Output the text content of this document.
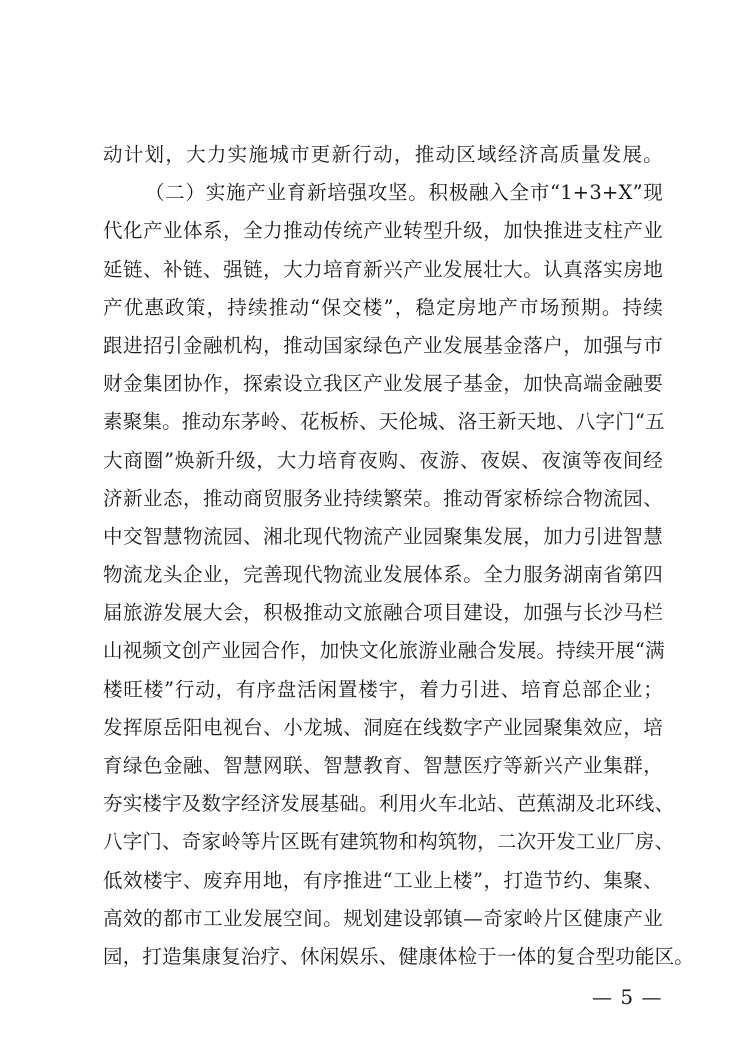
动计划，大力实施城市更新行动，推动区域经济高质量发展。
（二）实施产业育新培强攻坚。积极融入全市“1+3+X”现
代化产业体系，全力推动传统产业转型升级，加快推进支柱产业
延链、补链、强链，大力培育新兴产业发展壮大。认真落实房地
产优惠政策，持续推动“保交楼”，稳定房地产市场预期。持续
跟进招引金融机构，推动国家绿色产业发展基金落户，加强与市
财金集团协作，探索设立我区产业发展子基金，加快高端金融要
素聚集。推动东茅岭、花板桥、天伦城、洛王新天地、八字门“五
大商圈”焕新升级，大力培育夜购、夜游、夜娱、夜演等夜间经
济新业态，推动商贸服务业持续繁荣。推动胥家桥综合物流园、
中交智慧物流园、湘北现代物流产业园聚集发展，加力引进智慧
物流龙头企业，完善现代物流业发展体系。全力服务湖南省第四
届旅游发展大会，积极推动文旅融合项目建设，加强与长沙马栏
山视频文创产业园合作，加快文化旅游业融合发展。持续开展“满
楼旺楼”行动，有序盘活闲置楼宇，着力引进、培育总部企业；
发挥原岳阳电视台、小龙城、洞庭在线数字产业园聚集效应，培
育绿色金融、智慧网联、智慧教育、智慧医疗等新兴产业集群，
夯实楼宇及数字经济发展基础。利用火车北站、芭蕉湖及北环线、
八字门、奇家岭等片区既有建筑物和构筑物，二次开发工业厂房、
低效楼宇、废弃用地，有序推进“工业上楼”，打造节约、集聚、
高效的都市工业发展空间。规划建设郭镇—奇家岭片区健康产业
园，打造集康复治疗、休闲娱乐、健康体检于一体的复合型功能区。
— 5 —
